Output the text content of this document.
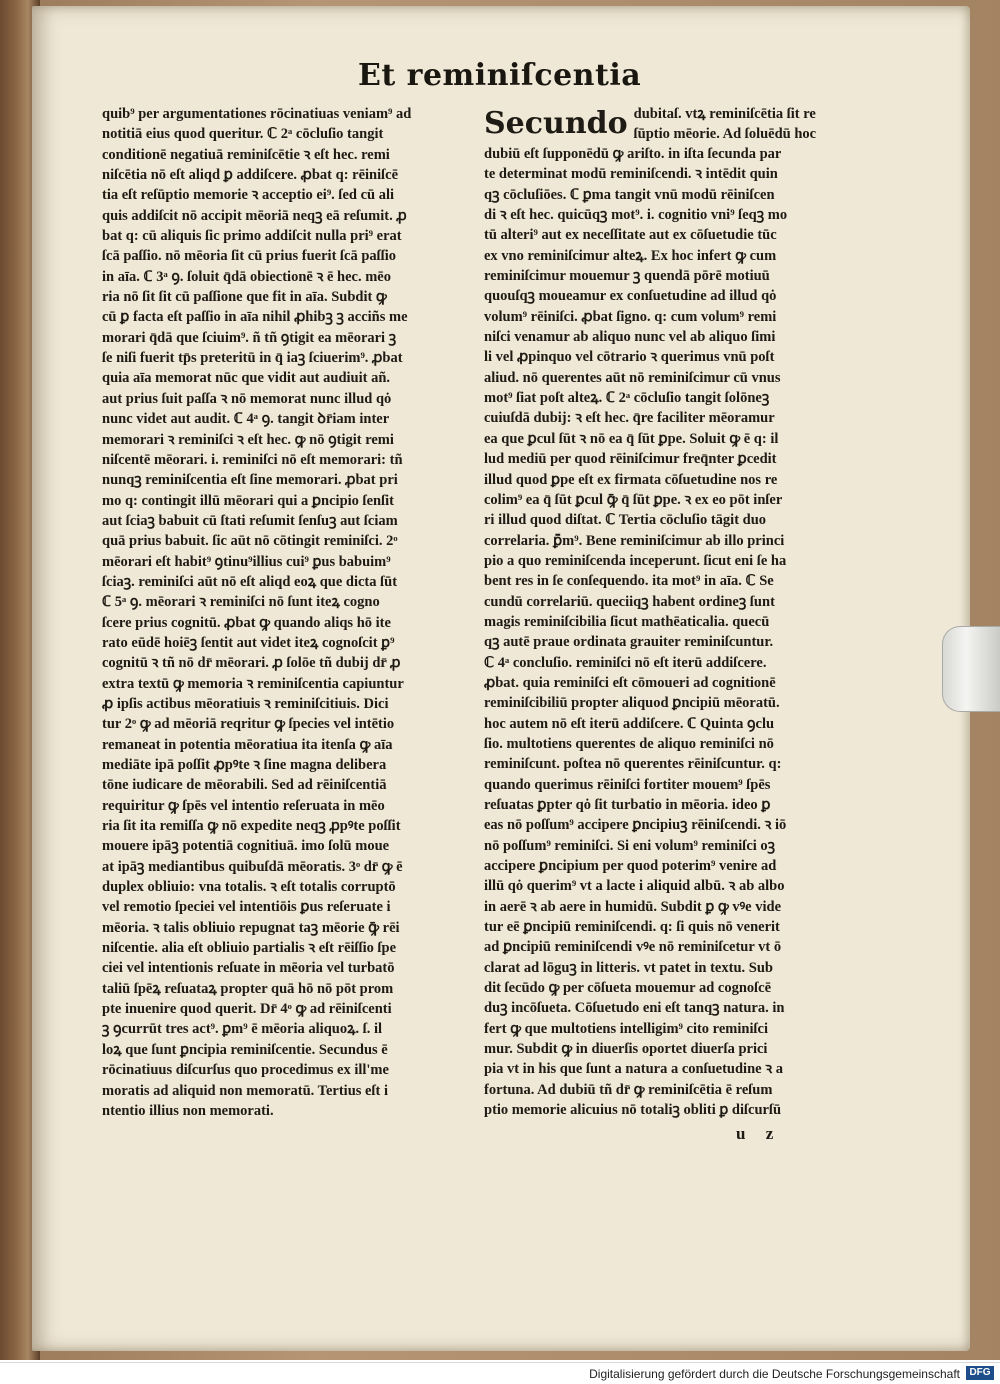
Et reminiſcentia
quib⁹ per argumentationes rōcinatiuas veniam⁹ ad
notitiā eius quod queritur. ℂ 2ᵃ cōcluſio tangit
conditionē negatiuā reminiſcētie ꝛ eſt hec. remi
niſcētia nō eſt aliqd ꝑ addiſcere. ꝓbat q: rēiniſcē
tia eſt reſūptio memorie ꝛ acceptio ei⁹. ſed cū ali
quis addiſcit nō accipit mēoriā neqꝫ eā reſumit. ꝓ
bat q: cū aliquis ſic primo addiſcit nulla pri⁹ erat
ſcā paſſio. nō mēoria ſit cū prius fuerit ſcā paſſio
in aīa. ℂ 3ᵃ ꝯ. ſoluit q̄dā obiectionē ꝛ ē hec. mēo
ria nō ſit ſit cū paſſione que fit in aīa. Subdit ꝙ
cū ꝑ facta eſt paſſio in aīa nihil ꝓhibꝫ ꝫ acciñs me
morari q̄dā que ſciuim⁹. ñ tñ ꝯtigit ea mēorari ꝫ
ſe niſi fuerit tp̄s preteritū in q̄ iaꝫ ſciuerim⁹. ꝓbat
quia aīa memorat nūc que vidit aut audiuit añ.
aut prius ſuit paſſa ꝛ nō memorat nunc illud qȯ
nunc videt aut audit. ℂ 4ᵃ ꝯ. tangit ꝺr̄iam inter
memorari ꝛ reminiſci ꝛ eſt hec. ꝙ nō ꝯtigit remi
niſcentē mēorari. i. reminiſci nō eſt memorari: tñ
nunqꝫ reminiſcentia eſt ſine memorari. ꝓbat pri
mo q: contingit illū mēorari qui a ꝑncipio ſenſit
aut ſciaꝫ babuit cū ſtati reſumit ſenſuꝫ aut ſciam
quā prius babuit. ſic aūt nō cōtingit reminiſci. 2ᵒ
mēorari eſt habit⁹ ꝯtinu⁹illius cui⁹ ꝑus babuim⁹
ſciaꝫ. reminiſci aūt nō eſt aliqd eoꝝ que dicta ſūt
ℂ 5ᵃ ꝯ. mēorari ꝛ reminiſci nō ſunt iteꝝ cogno
ſcere prius cognitū. ꝓbat ꝙ quando aliqs hō ite
rato eūdē hoiēꝫ ſentit aut videt iteꝝ cognoſcit ꝑ⁹
cognitū ꝛ tñ nō dr̄ mēorari. ꝓ ſolōe tñ dubij dr̄ ꝓ
extra textū ꝙ memoria ꝛ reminiſcentia capiuntur
ꝓ ipſis actibus mēoratiuis ꝛ reminiſcitiuis. Dici
tur 2ᵒ ꝙ ad mēoriā reqritur ꝙ ſpecies vel intētio
remaneat in potentia mēoratiua ita itenſa ꝙ aīa
mediāte ipā poſſit ꝓpꝰte ꝛ ſine magna delibera
tōne iudicare de mēorabili. Sed ad rēiniſcentiā
requiritur ꝙ ſpēs vel intentio reſeruata in mēo
ria ſit ita remiſſa ꝙ nō expedite neqꝫ ꝓpꝰte poſſit
mouere ipāꝫ potentiā cognitiuā. imo ſolū moue
at ipāꝫ mediantibus quibuſdā mēoratis. 3ᵒ dr̄ ꝙ ē
duplex obliuio: vna totalis. ꝛ eſt totalis corruptō
vel remotio ſpeciei vel intentiōis ꝑus reſeruate i
mēoria. ꝛ talis obliuio repugnat taꝫ mēorie ꝙ̄ rēi
niſcentie. alia eſt obliuio partialis ꝛ eſt rēiſſio ſpe
ciei vel intentionis reſuate in mēoria vel turbatō
taliū ſpēꝝ reſuataꝝ propter quā hō nō pōt prom
pte inuenire quod querit. Dr̄ 4ᵒ ꝙ ad rēiniſcenti
ꝫ ꝯcurrūt tres act⁹. ꝑm⁹ ē mēoria aliquoꝝ. ſ. il
loꝝ que ſunt ꝑncipia reminiſcentie. Secundus ē
rōcinatiuus diſcurſus quo procedimus ex ill'me
moratis ad aliquid non memoratū. Tertius eſt i
ntentio illius non memorati.
Secundo dubitaſ. vtꝝ reminiſcētia ſit re
ſūptio mēorie. Ad ſoluēdū hoc
dubiū eſt ſupponēdū ꝙ ariſto. in iſta ſecunda par
te determinat modū reminiſcendi. ꝛ intēdit quin
qꝫ cōcluſiōes. ℂ ꝑma tangit vnū modū rēiniſcen
di ꝛ eſt hec. quicūqꝫ mot⁹. i. cognitio vni⁹ ſeqꝫ mo
tū alteri⁹ aut ex neceſſitate aut ex cōſuetudie tūc
ex vno reminiſcimur alteꝝ. Ex hoc infert ꝙ cum
reminiſcimur mouemur ꝫ quendā pōrē motiuū
quouſqꝫ moueamur ex conſuetudine ad illud qȯ
volum⁹ rēiniſci. ꝓbat ſigno. q: cum volum⁹ remi
niſci venamur ab aliquo nunc vel ab aliquo ſimi
li vel ꝓpinquo vel cōtrario ꝛ querimus vnū poſt
aliud. nō querentes aūt nō reminiſcimur cū vnus
mot⁹ ſiat poſt alteꝝ. ℂ 2ᵃ cōcluſio tangit ſolōneꝫ
cuiuſdā dubij: ꝛ eſt hec. q̄re faciliter mēoramur
ea que ꝑcul ſūt ꝛ nō ea q̄ ſūt ꝑpe. Soluit ꝙ ē q: il
lud mediū per quod rēiniſcimur freq̄nter ꝑcedit
illud quod ꝑpe eſt ex firmata cōſuetudine nos re
colim⁹ ea q̄ ſūt ꝑcul ꝙ̄ q̄ ſūt ꝑpe. ꝛ ex eo pōt inſer
ri illud quod diſtat. ℂ Tertia cōcluſio tāgit duo
correlaria. ꝑ̄m⁹. Bene reminiſcimur ab illo princi
pio a quo reminiſcenda inceperunt. ſicut eni ſe ha
bent res in ſe conſequendo. ita mot⁹ in aīa. ℂ Se
cundū correlariū. queciiqꝫ habent ordineꝫ ſunt
magis reminiſcibilia ſicut mathēaticalia. quecū
qꝫ autē praue ordinata grauiter reminiſcuntur.
ℂ 4ᵃ concluſio. reminiſci nō eſt iterū addiſcere.
ꝓbat. quia reminiſci eſt cōmoueri ad cognitionē
reminiſcibiliū propter aliquod ꝑncipiū mēoratū.
hoc autem nō eſt iterū addiſcere. ℂ Quinta ꝯclu
ſio. multotiens querentes de aliquo reminiſci nō
reminiſcunt. poſtea nō querentes rēiniſcuntur. q:
quando querimus rēiniſci fortiter mouem⁹ ſpēs
reſuatas ꝑpter qȯ ſit turbatio in mēoria. ideo ꝑ
eas nō poſſum⁹ accipere ꝑncipiuꝫ rēiniſcendi. ꝛ iō
nō poſſum⁹ reminiſci. Si eni volum⁹ reminiſci oꝫ
accipere ꝑncipium per quod poterim⁹ venire ad
illū qȯ querim⁹ vt a lacte i aliquid albū. ꝛ ab albo
in aerē ꝛ ab aere in humidū. Subdit ꝑ ꝙ vꝰe vide
tur eē ꝑncipiū reminiſcendi. q: ſi quis nō venerit
ad ꝑncipiū reminiſcendi vꝰe nō reminiſcetur vt ō
clarat ad lōguꝫ in litteris. vt patet in textu. Sub
dit ſecūdo ꝙ per cōſueta mouemur ad cognoſcē
duꝫ incōſueta. Cōſuetudo eni eſt tanqꝫ natura. in
fert ꝙ que multotiens intelligim⁹ cito reminiſci
mur. Subdit ꝙ in diuerſis oportet diuerſa prici
pia vt in his que ſunt a natura a conſuetudine ꝛ a
fortuna. Ad dubiū tñ dr̄ ꝙ reminiſcētia ē reſum
ptio memorie alicuius nō totaliꝫ obliti ꝑ diſcurſū
u z
Digitalisierung gefördert durch die Deutsche Forschungsgemeinschaft DFG
